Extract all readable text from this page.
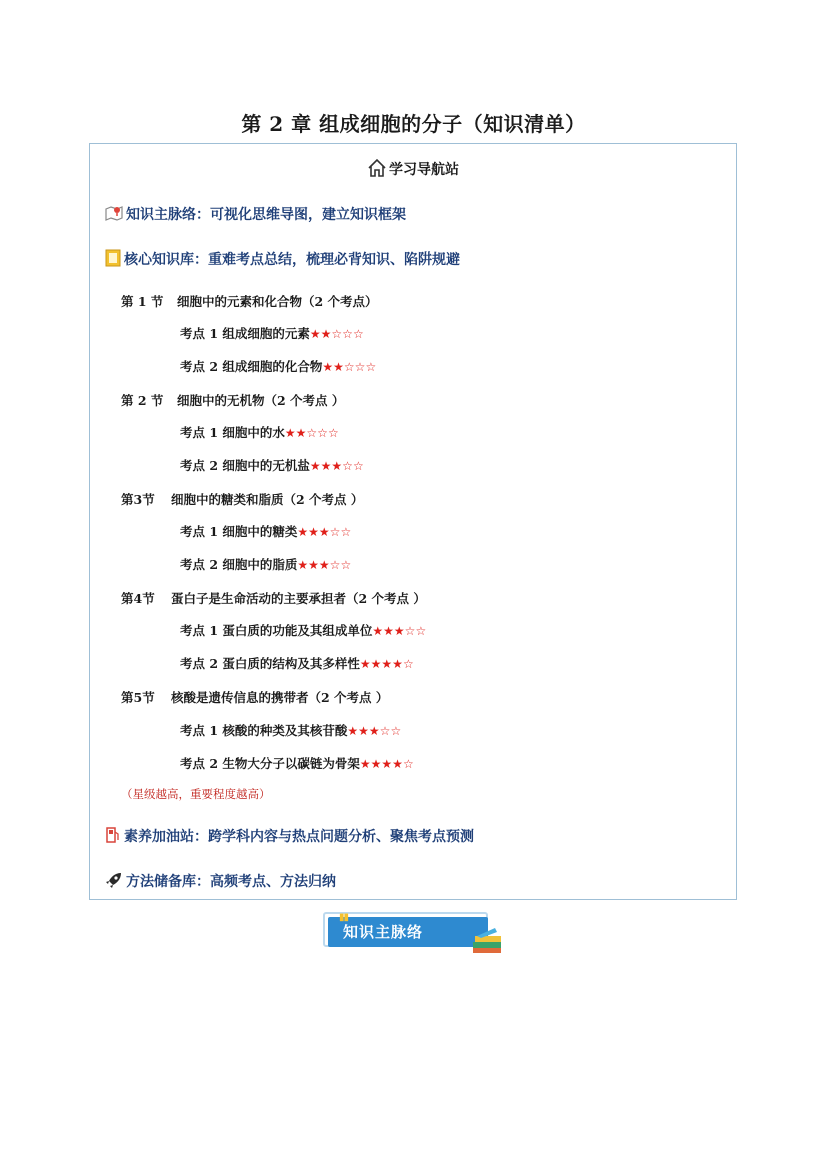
第 2 章 组成细胞的分子（知识清单）
学习导航站
知识主脉络：可视化思维导图，建立知识框架
核心知识库：重难考点总结，梳理必背知识、陷阱规避
第 1 节 细胞中的元素和化合物（2 个考点）
考点 1 组成细胞的元素★★☆☆☆
考点 2 组成细胞的化合物★★☆☆☆
第 2 节 细胞中的无机物（2 个考点 ）
考点 1 细胞中的水★★☆☆☆
考点 2 细胞中的无机盐★★★☆☆
第3节 细胞中的糖类和脂质（2 个考点 ）
考点 1 细胞中的糖类★★★☆☆
考点 2 细胞中的脂质★★★☆☆
第4节 蛋白子是生命活动的主要承担者（2 个考点 ）
考点 1 蛋白质的功能及其组成单位★★★☆☆
考点 2 蛋白质的结构及其多样性★★★★☆
第5节 核酸是遗传信息的携带者（2 个考点 ）
考点 1 核酸的种类及其核苷酸★★★☆☆
考点 2 生物大分子以碳链为骨架★★★★☆
（星级越高，重要程度越高）
素养加油站：跨学科内容与热点问题分析、聚焦考点预测
方法储备库：高频考点、方法归纳
▮▮
知识主脉络
